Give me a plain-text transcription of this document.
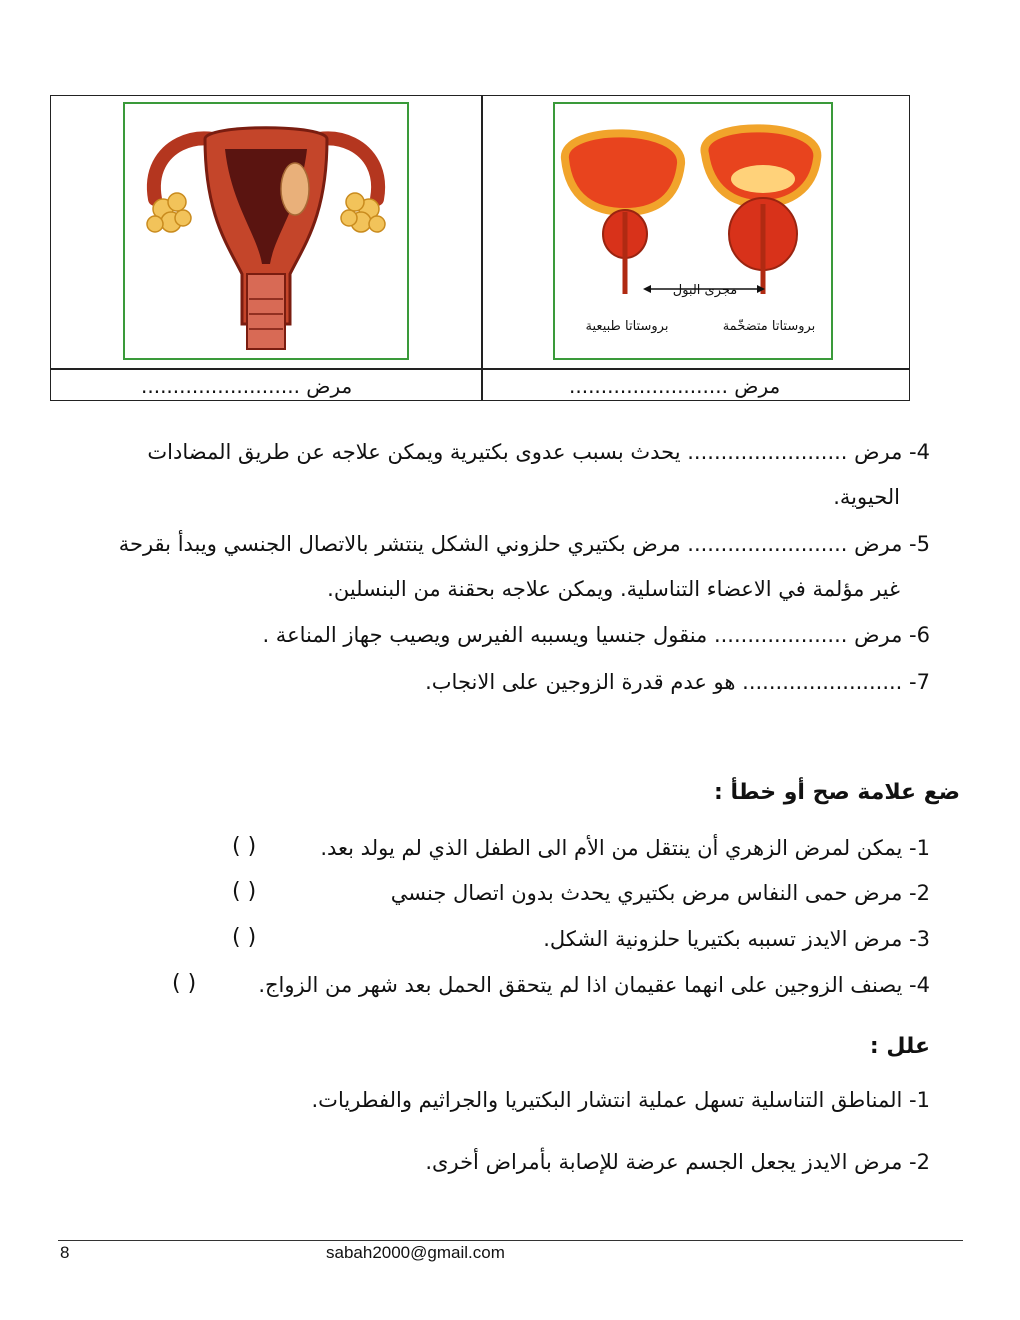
مجرى البول
بروستاتا طبيعية	بروستاتا متضخّمة
مرض .........................	مرض .........................
4- مرض ........................ يحدث بسبب عدوى بكتيرية ويمكن علاجه عن طريق المضادات
الحيوية.
5- مرض ........................ مرض بكتيري حلزوني الشكل ينتشر بالاتصال الجنسي ويبدأ بقرحة
غير مؤلمة في الاعضاء التناسلية. ويمكن علاجه بحقنة من البنسلين.
6- مرض .................... منقول جنسيا ويسببه الفيرس ويصيب جهاز المناعة .
7- ........................ هو عدم قدرة الزوجين على الانجاب.
ضع علامة صح أو خطأ :
1- يمكن لمرض الزهري أن ينتقل من الأم الى الطفل الذي لم يولد بعد.
( )
2- مرض حمى النفاس مرض بكتيري يحدث بدون اتصال جنسي
( )
3- مرض الايدز تسببه بكتيريا حلزونية الشكل.
( )
4- يصنف الزوجين على انهما عقيمان اذا لم يتحقق الحمل بعد شهر من الزواج.
( )
علل :
1- المناطق التناسلية تسهل عملية انتشار البكتيريا والجراثيم والفطريات.
2- مرض الايدز يجعل الجسم عرضة للإصابة بأمراض أخرى.
8	sabah2000@gmail.com
